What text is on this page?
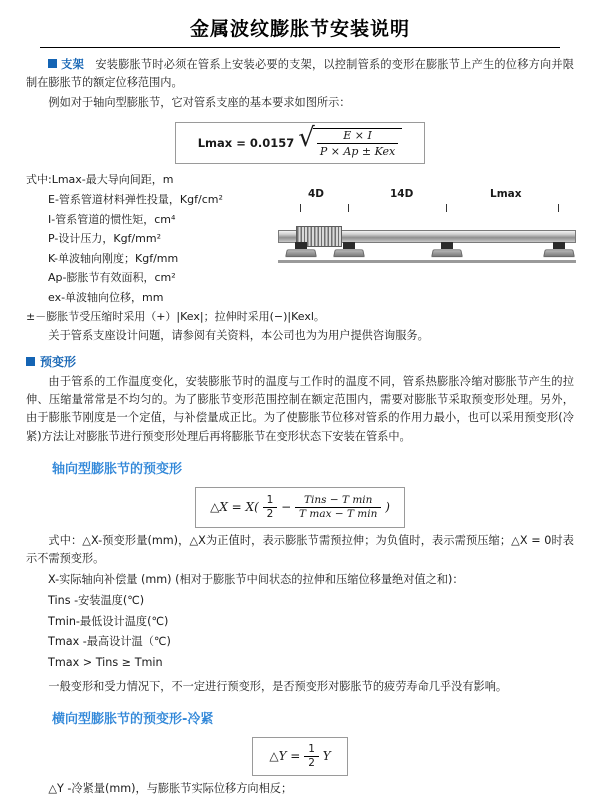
金属波纹膨胀节安装说明

支架 安装膨胀节时必须在管系上安装必要的支架，以控制管系的变形在膨胀节上产生的位移方向并限制在膨胀节的额定位移范围内。

例如对于轴向型膨胀节，它对管系支座的基本要求如图所示：

Lmax = 0.0157 √
$\frac{E \times I}{\text{P × Ap ± Kex}}$
式中:Lmax-最大导向间距，m
E-管系管道材料弹性投量，Kgf/cm²
I-管系管道的惯性矩，cm⁴
P-设计压力，Kgf/mm²
K-单波轴向刚度；Kgf/mm
Ap-膨胀节有效面积，cm²
ex-单波轴向位移，mm
±－膨胀节受压缩时采用（+）|Kex|；拉伸时采用(−)|Kexl。
4D	14D	Lmax

关于管系支座设计问题，请参阅有关资料，本公司也为为用户提供咨询服务。

预变形

由于管系的工作温度变化，安装膨胀节时的温度与工作时的温度不同，管系热膨胀冷缩对膨胀节产生的拉伸、压缩量常常是不均匀的。为了膨胀节变形范围控制在额定范围内，需要对膨胀节采取预变形处理。另外，由于膨胀节刚度是一个定值，与补偿量成正比。为了使膨胀节位移对管系的作用力最小，也可以采用预变形(冷紧)方法让对膨胀节进行预变形处理后再将膨胀节在变形状态下安装在管系中。

轴向型膨胀节的预变形
△X = $X( \frac{1}{2}$ −
Tins − T min
T max − T min )

式中：△X-预变形量(mm)，△X为正值时，表示膨胀节需预拉伸；为负值时，表示需预压缩；△X = 0时表示不需预变形。

X-实际轴向补偿量 (mm) (相对于膨胀节中间状态的拉伸和压缩位移量绝对值之和)：
Tins -安装温度(℃)
Tmin-最低设计温度(℃)
Tmax -最高设计温（℃)
Tmax > Tins ≥ Tmin

一般变形和受力情况下，不一定进行预变形，是否预变形对膨胀节的疲劳寿命几乎没有影响。

横向型膨胀节的预变形-冷紧
△Y = $\frac{1}{2}$ Y

△Y -冷紧量(mm)，与膨胀节实际位移方向相反；
